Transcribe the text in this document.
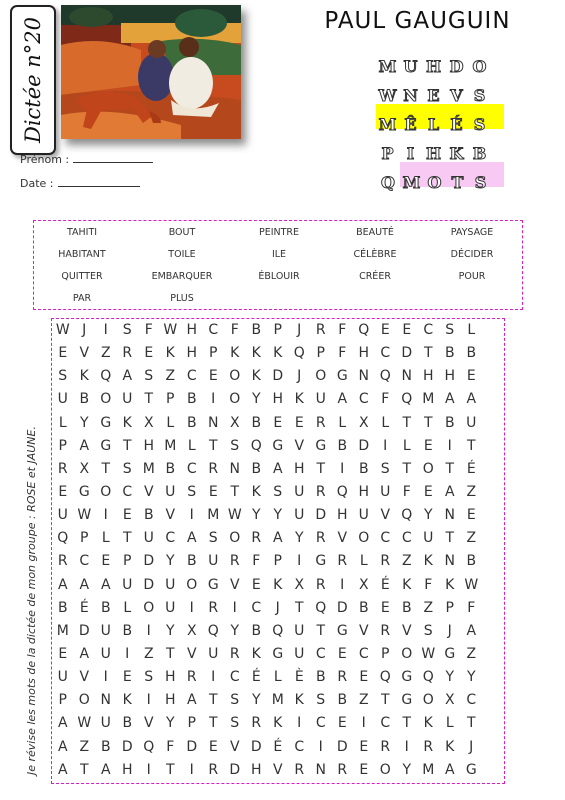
Dictée n°20
Prénom :
Date :
PAUL GAUGUIN
M U H D O
W N E V S
M Ê L É S
P I H K B
Q M O T S
TAHITI	BOUT	PEINTRE	BEAUTÉ	PAYSAGE
HABITANT	TOILE	ILE	CÉLÈBRE	DÉCIDER
QUITTER	EMBARQUER	ÉBLOUIR	CRÉER	POUR
PAR	PLUS
Je révise les mots de la dictée de mon groupe : ROSE et JAUNE.
W J	I	S F W H C F B P	J	R F Q E E C S L
E V Z R E K H P K K K Q P F H C D T B B
S K Q A S Z C E O K D	J O G N Q N H H E
U B O U T P B	I O Y H K U A C F Q M A A
L Y G K X L B N X B E E R L X L T T B U
P A G T H M L T S Q G V G B D	I	L E	I	T
R X T S M B C R N B A H T	I	B S T O T É
E G O C V U S E T K S U R Q H U F E A Z
U W I	E B V	I M W Y Y U D H U V Q Y N E
Q P L T U C A S O R A Y R V O C C U T Z
R C E P D Y B U R F P	I	G R L R Z K N B
A A A U D U O G V E K X R	I	X É K F K W
B É B L O U	I	R	I	C	J	T Q D B E B Z P F
M D U B	I	Y X Q Y B Q U T G V R V S	J	A
E A U	I	Z T V U R K G U C E C P O W G Z
U V	I	E S H R	I	C É L È B R E Q G Q Y Y
P O N K	I	H A T S Y M K S B Z T G O X C
A W U B V Y P T S R K	I	C E	I	C T K L T
A Z B D Q F D E V D É C	I	D E R	I	R K	J
A T A H	I	T	I	R D H V R N R E O Y M A G
